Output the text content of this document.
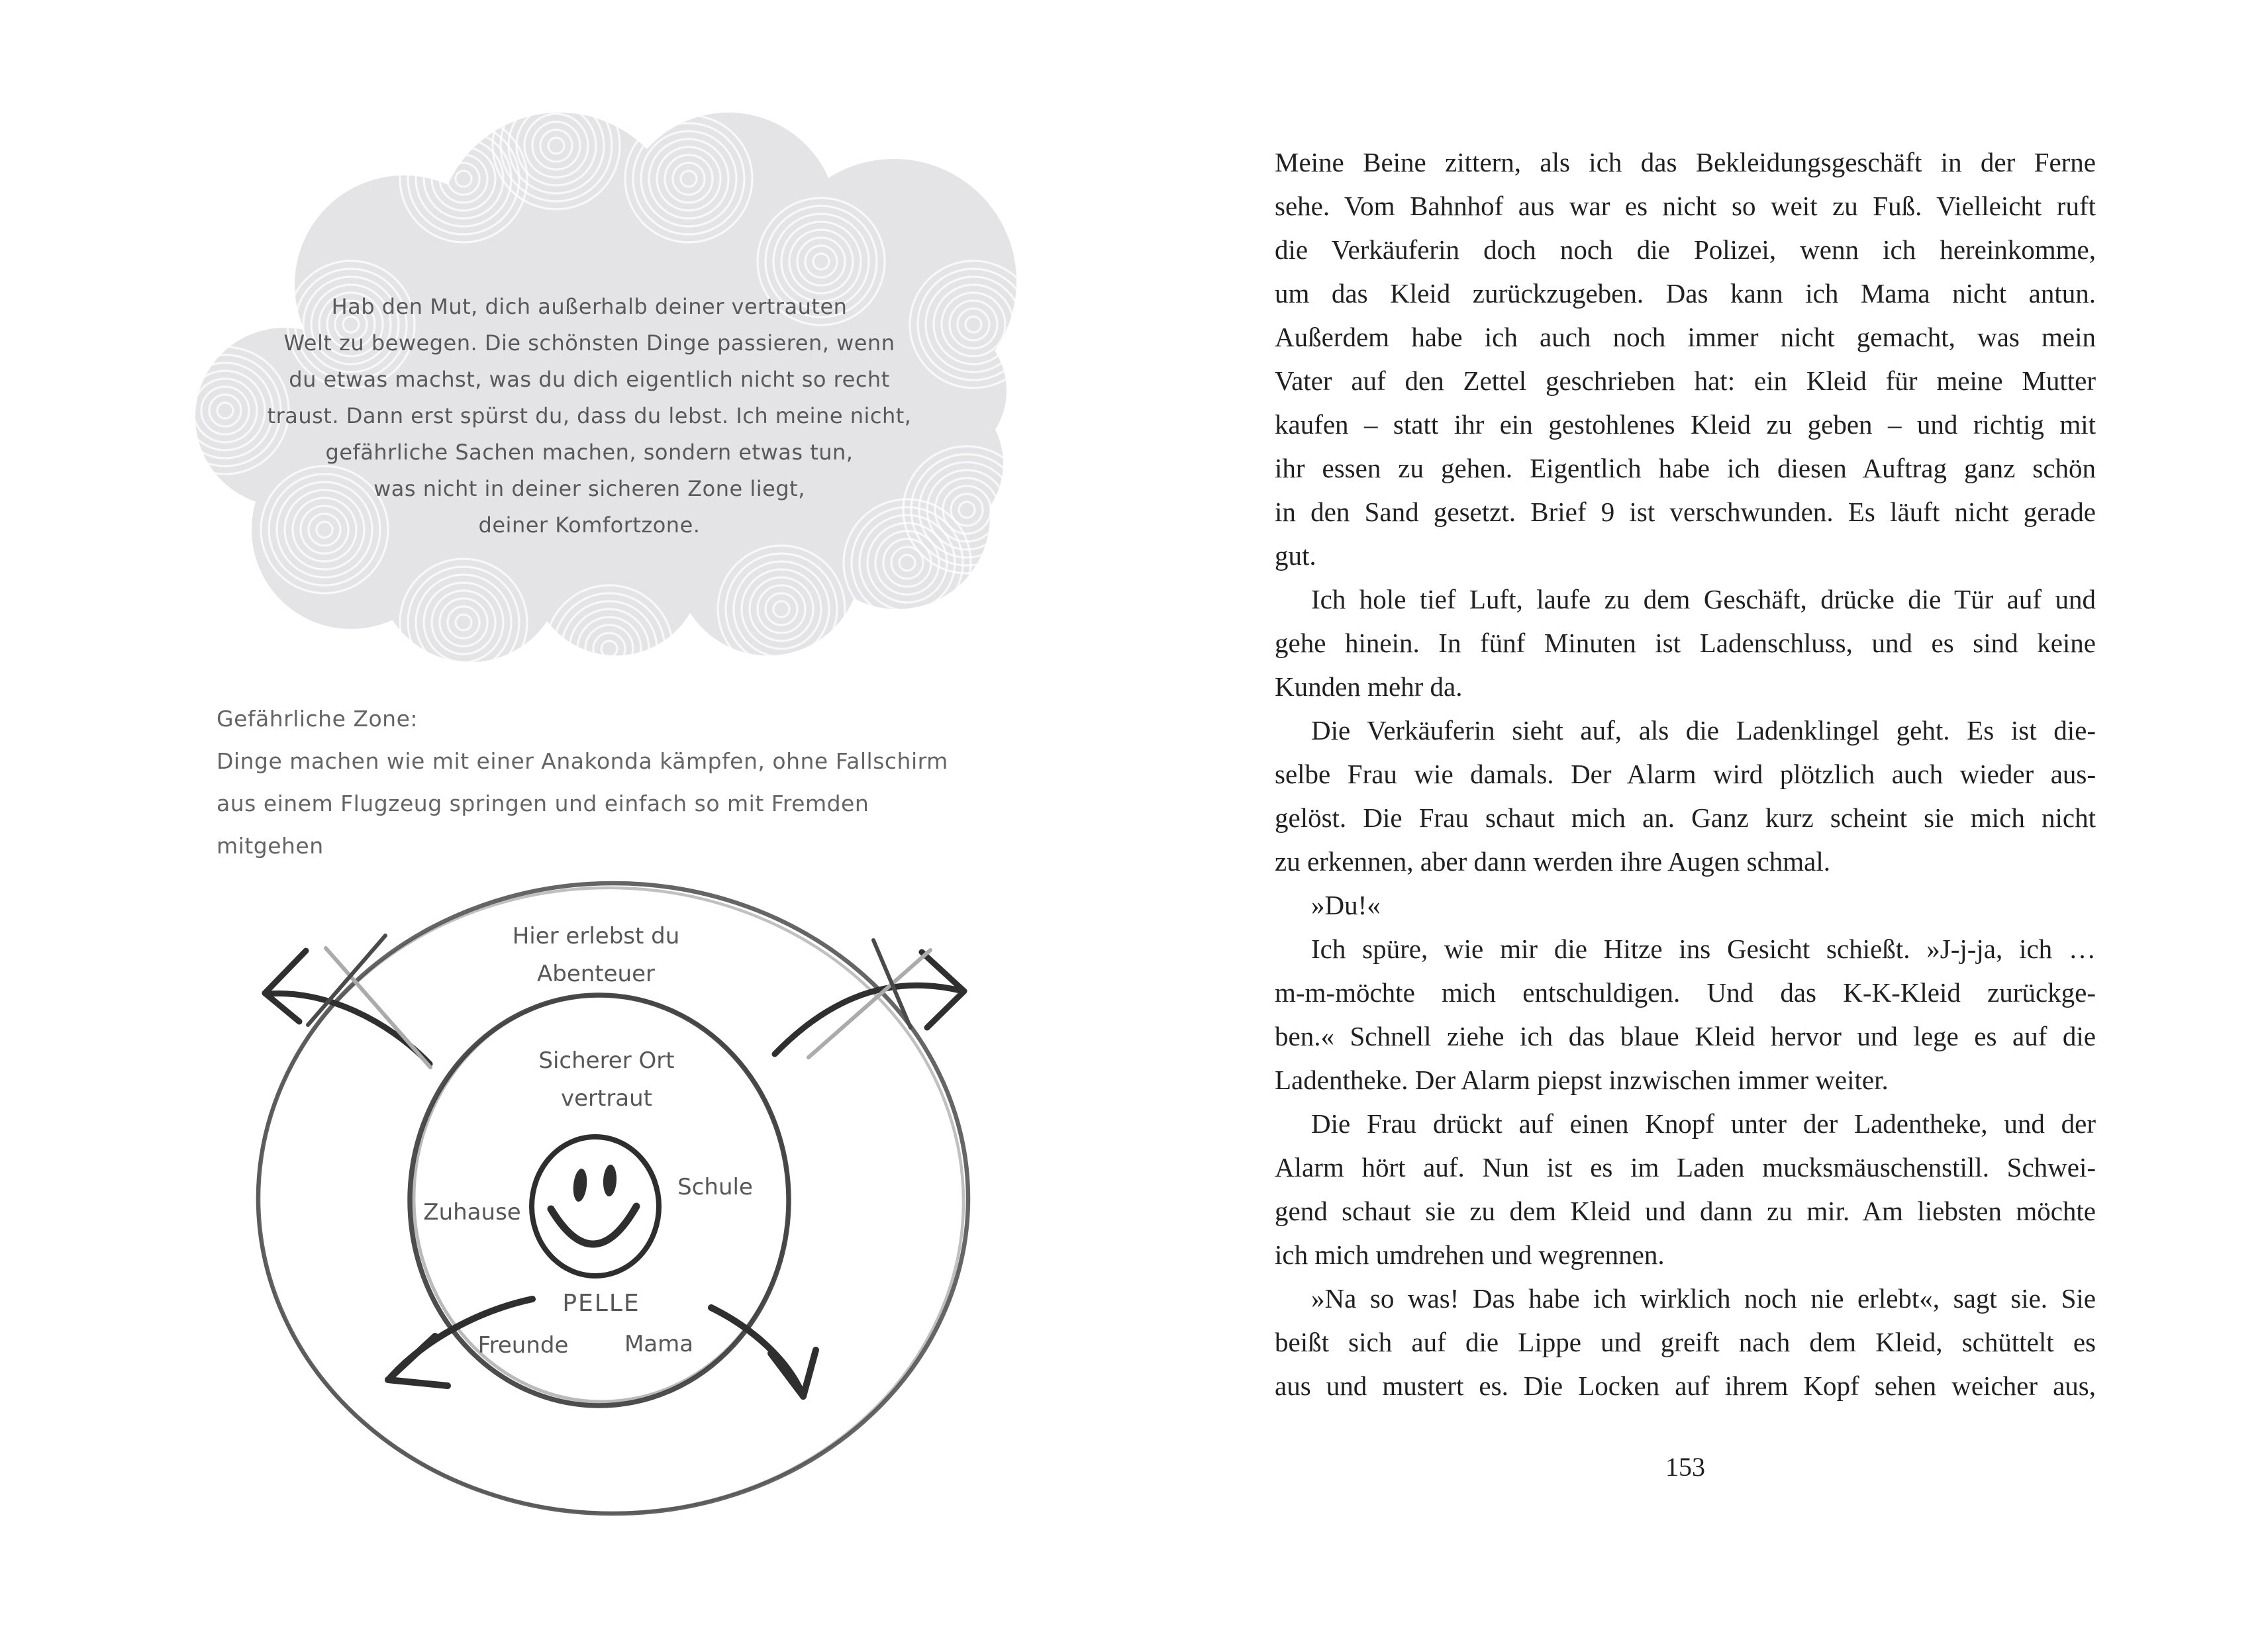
Hab den Mut, dich außerhalb deiner vertrauten
Welt zu bewegen. Die schönsten Dinge passieren, wenn
du etwas machst, was du dich eigentlich nicht so recht
traust. Dann erst spürst du, dass du lebst. Ich meine nicht,
gefährliche Sachen machen, sondern etwas tun,
was nicht in deiner sicheren Zone liegt,
deiner Komfortzone.
Gefährliche Zone:
Dinge machen wie mit einer Anakonda kämpfen, ohne Fallschirm
aus einem Flugzeug springen und einfach so mit Fremden
mitgehen
Hier erlebst du
Abenteuer
Sicherer Ort
vertraut
Zuhause
Schule
PELLE
Freunde Mama
Meine Beine zittern, als ich das Bekleidungsgeschäft in der Ferne
sehe. Vom Bahnhof aus war es nicht so weit zu Fuß. Vielleicht ruft
die Verkäuferin doch noch die Polizei, wenn ich hereinkomme,
um das Kleid zurückzugeben. Das kann ich Mama nicht antun.
Außerdem habe ich auch noch immer nicht gemacht, was mein
Vater auf den Zettel geschrieben hat: ein Kleid für meine Mutter
kaufen – statt ihr ein gestohlenes Kleid zu geben – und richtig mit
ihr essen zu gehen. Eigentlich habe ich diesen Auftrag ganz schön
in den Sand gesetzt. Brief 9 ist verschwunden. Es läuft nicht gerade
gut.
Ich hole tief Luft, laufe zu dem Geschäft, drücke die Tür auf und
gehe hinein. In fünf Minuten ist Ladenschluss, und es sind keine
Kunden mehr da.
Die Verkäuferin sieht auf, als die Ladenklingel geht. Es ist die-
selbe Frau wie damals. Der Alarm wird plötzlich auch wieder aus-
gelöst. Die Frau schaut mich an. Ganz kurz scheint sie mich nicht
zu erkennen, aber dann werden ihre Augen schmal.
»Du!«
Ich spüre, wie mir die Hitze ins Gesicht schießt. »J-j-ja, ich …
m-m-möchte mich entschuldigen. Und das K-K-Kleid zurückge-
ben.« Schnell ziehe ich das blaue Kleid hervor und lege es auf die
Ladentheke. Der Alarm piepst inzwischen immer weiter.
Die Frau drückt auf einen Knopf unter der Ladentheke, und der
Alarm hört auf. Nun ist es im Laden mucksmäuschenstill. Schwei-
gend schaut sie zu dem Kleid und dann zu mir. Am liebsten möchte
ich mich umdrehen und wegrennen.
»Na so was! Das habe ich wirklich noch nie erlebt«, sagt sie. Sie
beißt sich auf die Lippe und greift nach dem Kleid, schüttelt es
aus und mustert es. Die Locken auf ihrem Kopf sehen weicher aus,
153
